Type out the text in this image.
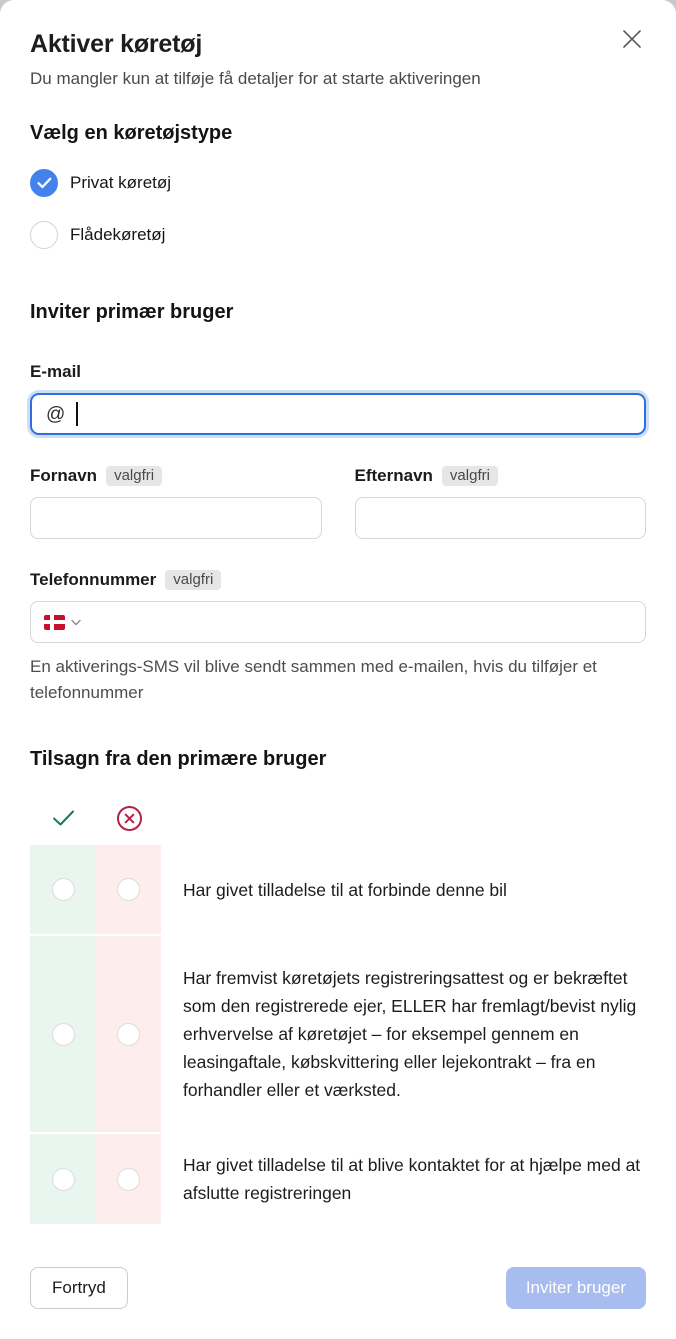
Aktiver køretøj

Du mangler kun at tilføje få detaljer for at starte aktiveringen

Vælg en køretøjstype
Privat køretøj
Flådekøretøj
Inviter primær bruger
E-mail
@
Fornavn	valgfri	Efternavn	valgfri
Telefonnummer	valgfri

En aktiverings-SMS vil blive sendt sammen med e-mailen, hvis du tilføjer et telefonnummer

Tilsagn fra den primære bruger
Har givet tilladelse til at forbinde denne bil
Har fremvist køretøjets registreringsattest og er bekræftet som den registrerede ejer, ELLER har fremlagt/bevist nylig erhvervelse af køretøjet – for eksempel gennem en leasingaftale, købskvittering eller lejekontrakt – fra en forhandler eller et værksted.
Har givet tilladelse til at blive kontaktet for at hjælpe med at afslutte registreringen
Fortryd	Inviter bruger
